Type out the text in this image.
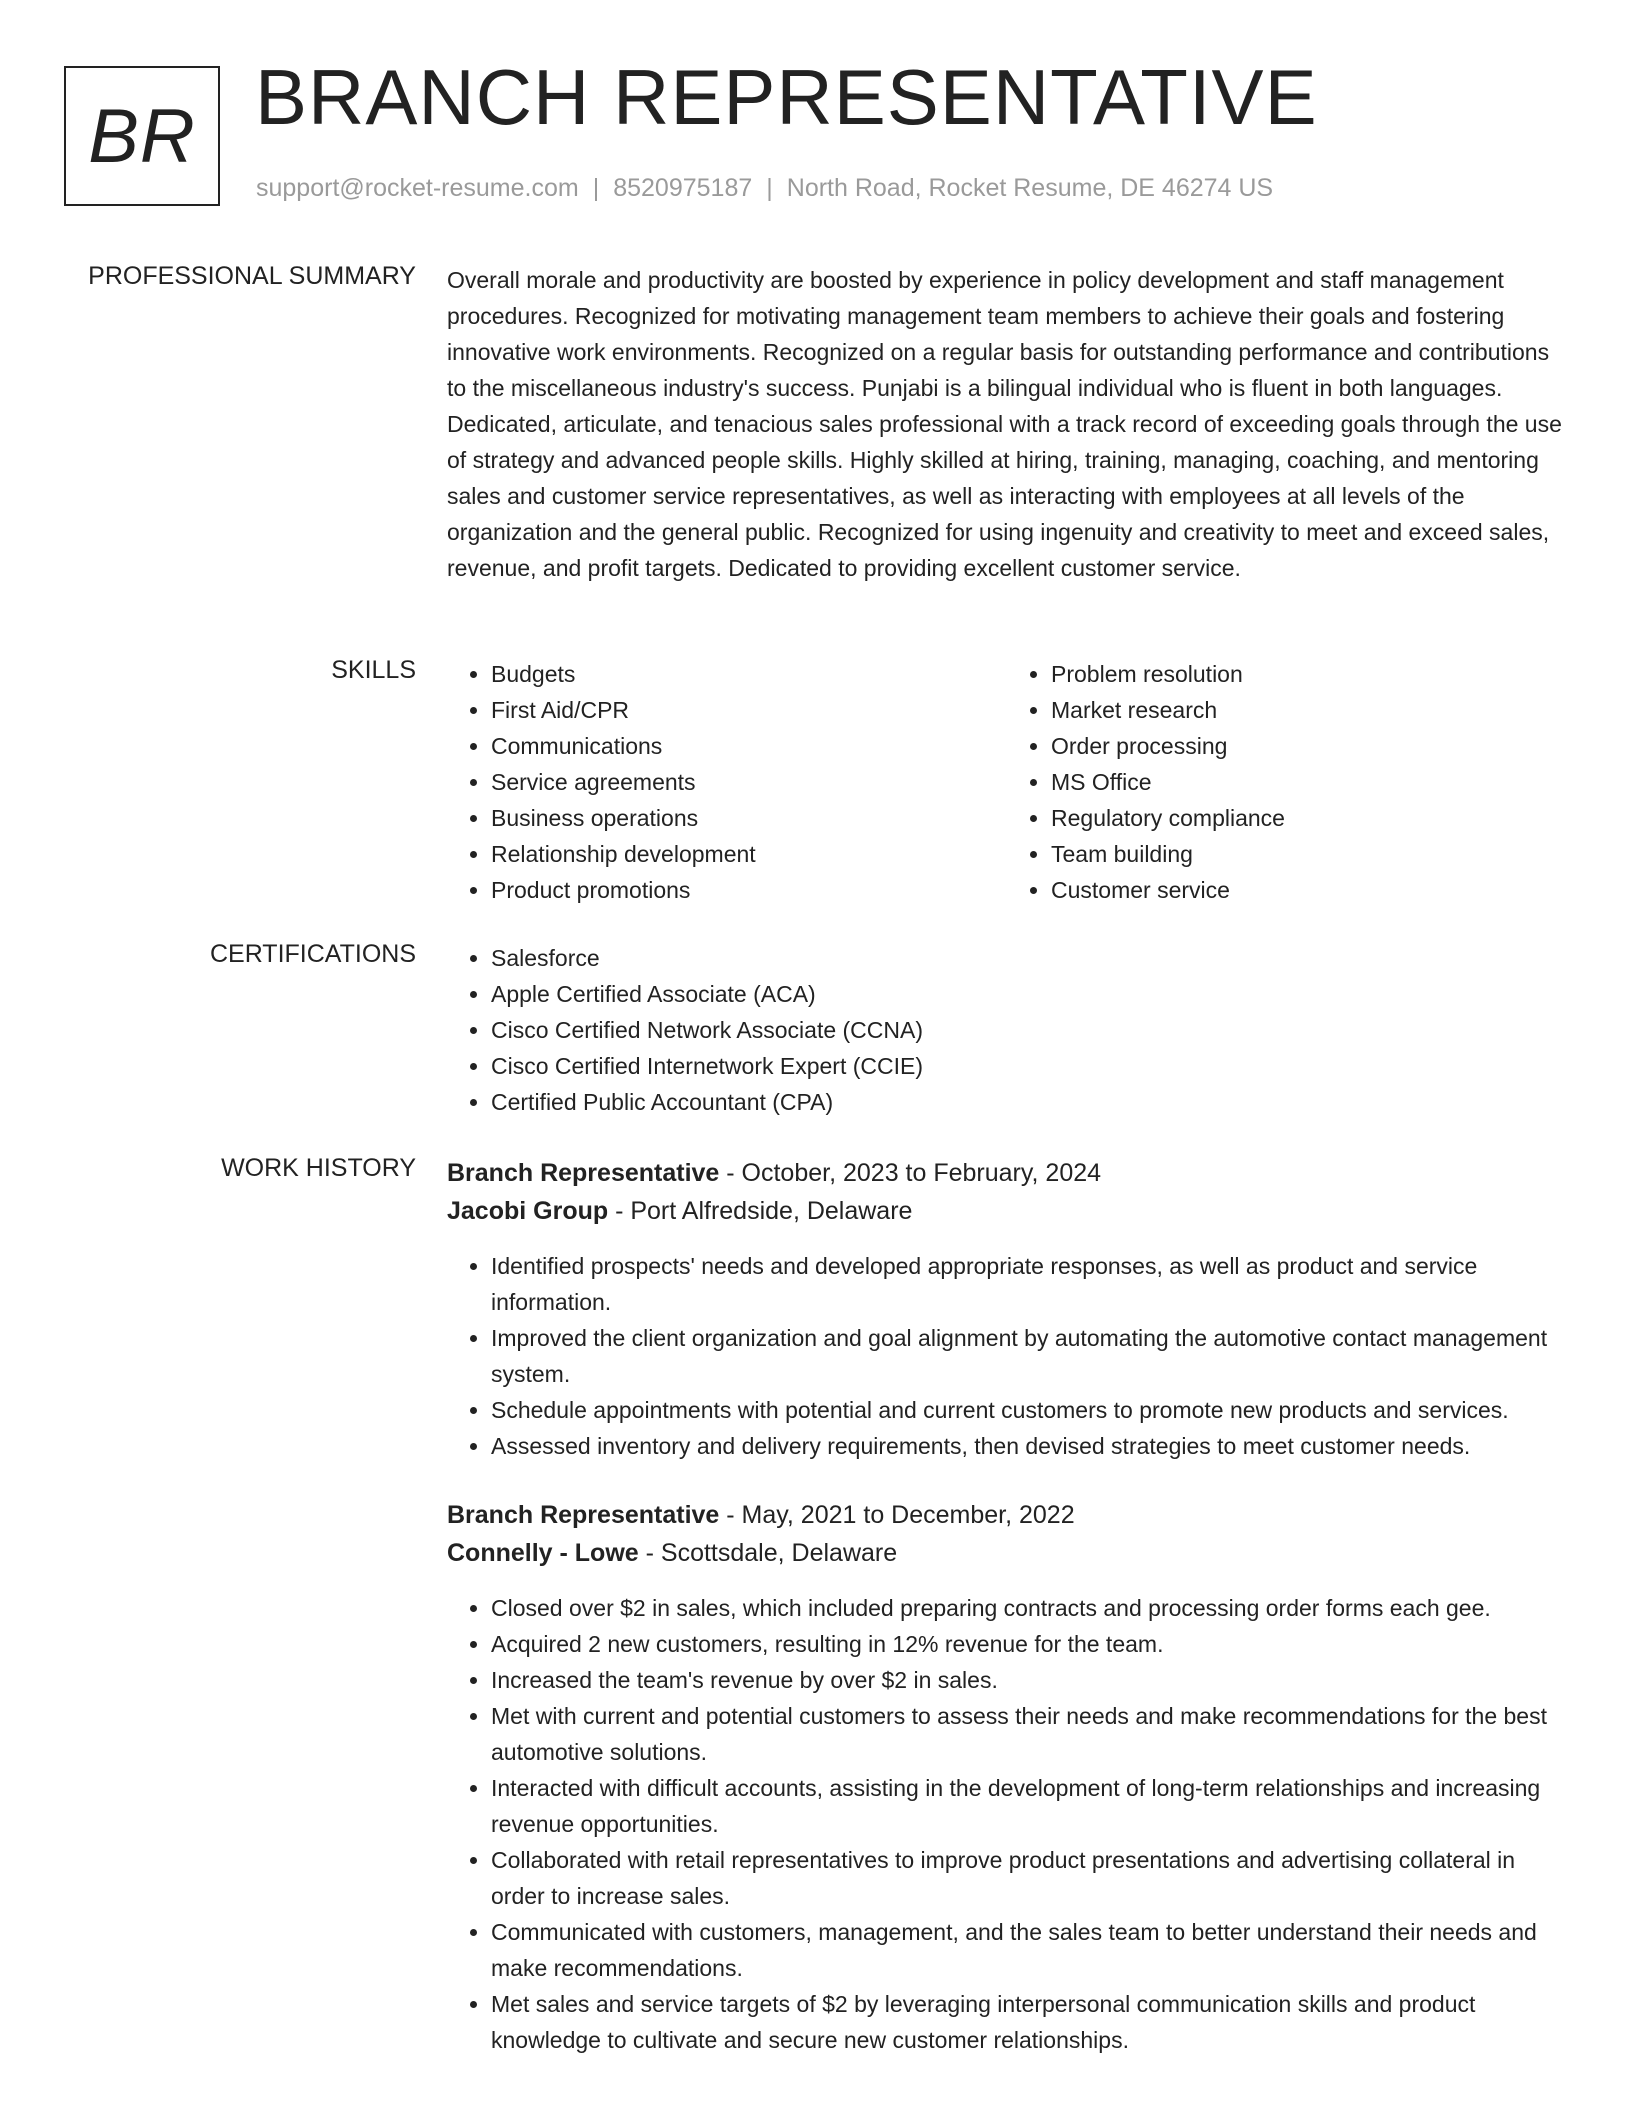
BR BRANCH REPRESENTATIVE
support@rocket-resume.com | 8520975187 | North Road, Rocket Resume, DE 46274 US
PROFESSIONAL SUMMARY Overall morale and productivity are boosted by experience in policy development and staff management procedures. Recognized for motivating management team members to achieve their goals and fostering innovative work environments. Recognized on a regular basis for outstanding performance and contributions to the miscellaneous industry's success. Punjabi is a bilingual individual who is fluent in both languages. Dedicated, articulate, and tenacious sales professional with a track record of exceeding goals through the use of strategy and advanced people skills. Highly skilled at hiring, training, managing, coaching, and mentoring sales and customer service representatives, as well as interacting with employees at all levels of the organization and the general public. Recognized for using ingenuity and creativity to meet and exceed sales, revenue, and profit targets. Dedicated to providing excellent customer service.

SKILLS	• Budgets
• First Aid/CPR
• Communications
• Service agreements
• Business operations
• Relationship development
• Product promotions
• Problem resolution
• Market research
• Order processing
• MS Office
• Regulatory compliance
• Team building
• Customer service
CERTIFICATIONS	• Salesforce
• Apple Certified Associate (ACA)
• Cisco Certified Network Associate (CCNA)
• Cisco Certified Internetwork Expert (CCIE)
• Certified Public Accountant (CPA)
WORK HISTORY Branch Representative - October, 2023 to February, 2024

Jacobi Group - Port Alfredside, Delaware

• Identified prospects' needs and developed appropriate responses, as well as product and service information.
• Improved the client organization and goal alignment by automating the automotive contact management system.
• Schedule appointments with potential and current customers to promote new products and services.
• Assessed inventory and delivery requirements, then devised strategies to meet customer needs.

Branch Representative - May, 2021 to December, 2022

Connelly - Lowe - Scottsdale, Delaware

• Closed over $2 in sales, which included preparing contracts and processing order forms each gee.
• Acquired 2 new customers, resulting in 12% revenue for the team.
• Increased the team's revenue by over $2 in sales.
• Met with current and potential customers to assess their needs and make recommendations for the best automotive solutions.
• Interacted with difficult accounts, assisting in the development of long-term relationships and increasing revenue opportunities.
• Collaborated with retail representatives to improve product presentations and advertising collateral in order to increase sales.
• Communicated with customers, management, and the sales team to better understand their needs and make recommendations.
• Met sales and service targets of $2 by leveraging interpersonal communication skills and product knowledge to cultivate and secure new customer relationships.
